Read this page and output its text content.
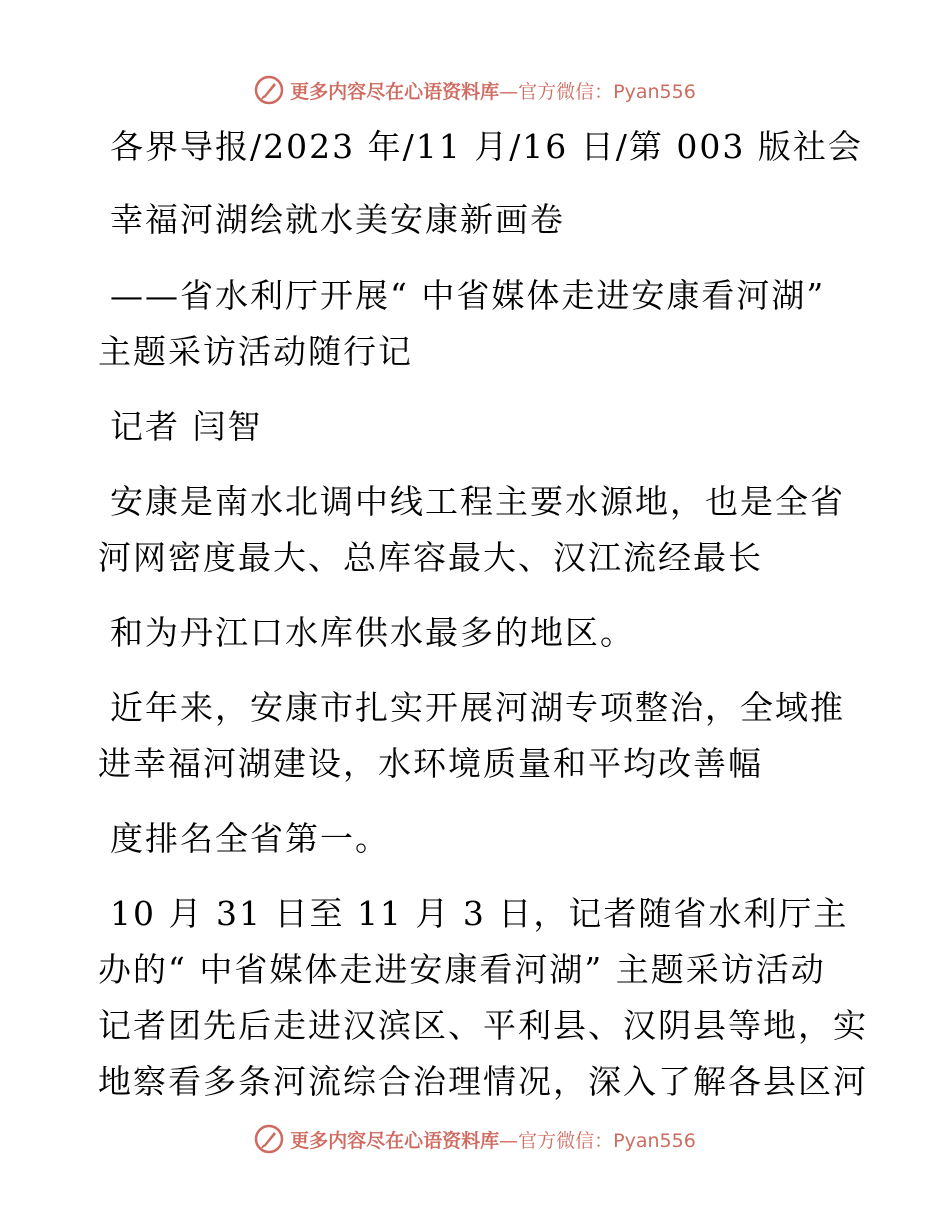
更多内容尽在心语资料库 —官方微信：Pyan556
各界导报/2023 年/11 月/16 日/第 003 版社会
幸福河湖绘就水美安康新画卷
——省水利厅开展“ 中省媒体走进安康看河湖”
主题采访活动随行记
记者 闫智
安康是南水北调中线工程主要水源地，也是全省
河网密度最大、总库容最大、汉江流经最长
和为丹江口水库供水最多的地区。
近年来，安康市扎实开展河湖专项整治，全域推
进幸福河湖建设，水环境质量和平均改善幅
度排名全省第一。
10 月 31 日至 11 月 3 日，记者随省水利厅主
办的“ 中省媒体走进安康看河湖” 主题采访活动
记者团先后走进汉滨区、平利县、汉阴县等地，实
地察看多条河流综合治理情况，深入了解各县区河
更多内容尽在心语资料库 —官方微信：Pyan556
